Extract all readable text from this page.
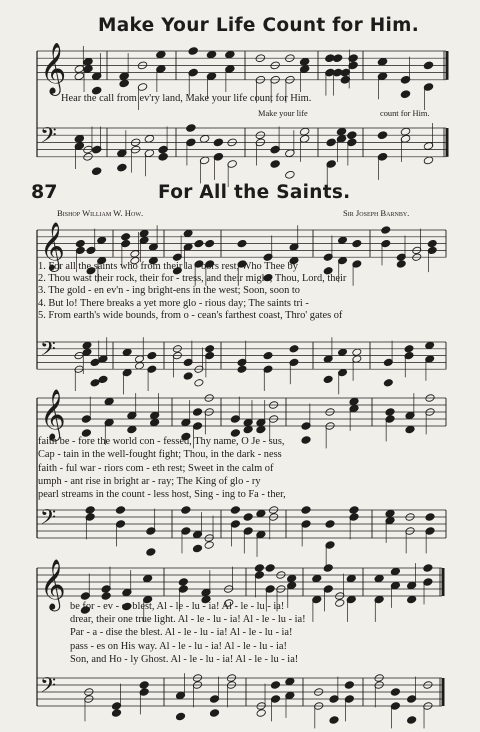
𝄞
𝄢
𝄞
𝄢
𝄞
𝄢
𝄞
𝄢
Make Your Life Count for Him.
Hear the call from ev'ry land, Make your life count for Him.
Make your life	count for Him.
87	For All the Saints.
Bishop William W. How.	Sir Joseph Barnby.
1. For all the saints who from their la - bors rest, Who Thee by
2. Thou wast their rock, their for - tress, and their might, Thou, Lord, their
3. The gold - en ev'n - ing bright-ens in the west; Soon, soon to
4. But lo! There breaks a yet more glo - rious day; The saints tri -
5. From earth's wide bounds, from o - cean's farthest coast, Thro' gates of
faith be - fore the world con - fessed, Thy name, O Je - sus,
Cap - tain in the well-fought fight; Thou, in the dark - ness
faith - ful war - riors com - eth rest; Sweet in the calm of
umph - ant rise in bright ar - ray; The King of glo - ry
pearl streams in the count - less host, Sing - ing to Fa - ther,
be for - ev - er blest, Al - le - lu - ia! Al - le - lu - ia!
drear, their one true light. Al - le - lu - ia! Al - le - lu - ia!
Par - a - dise the blest. Al - le - lu - ia! Al - le - lu - ia!
pass - es on His way. Al - le - lu - ia! Al - le - lu - ia!
Son, and Ho - ly Ghost. Al - le - lu - ia! Al - le - lu - ia!
